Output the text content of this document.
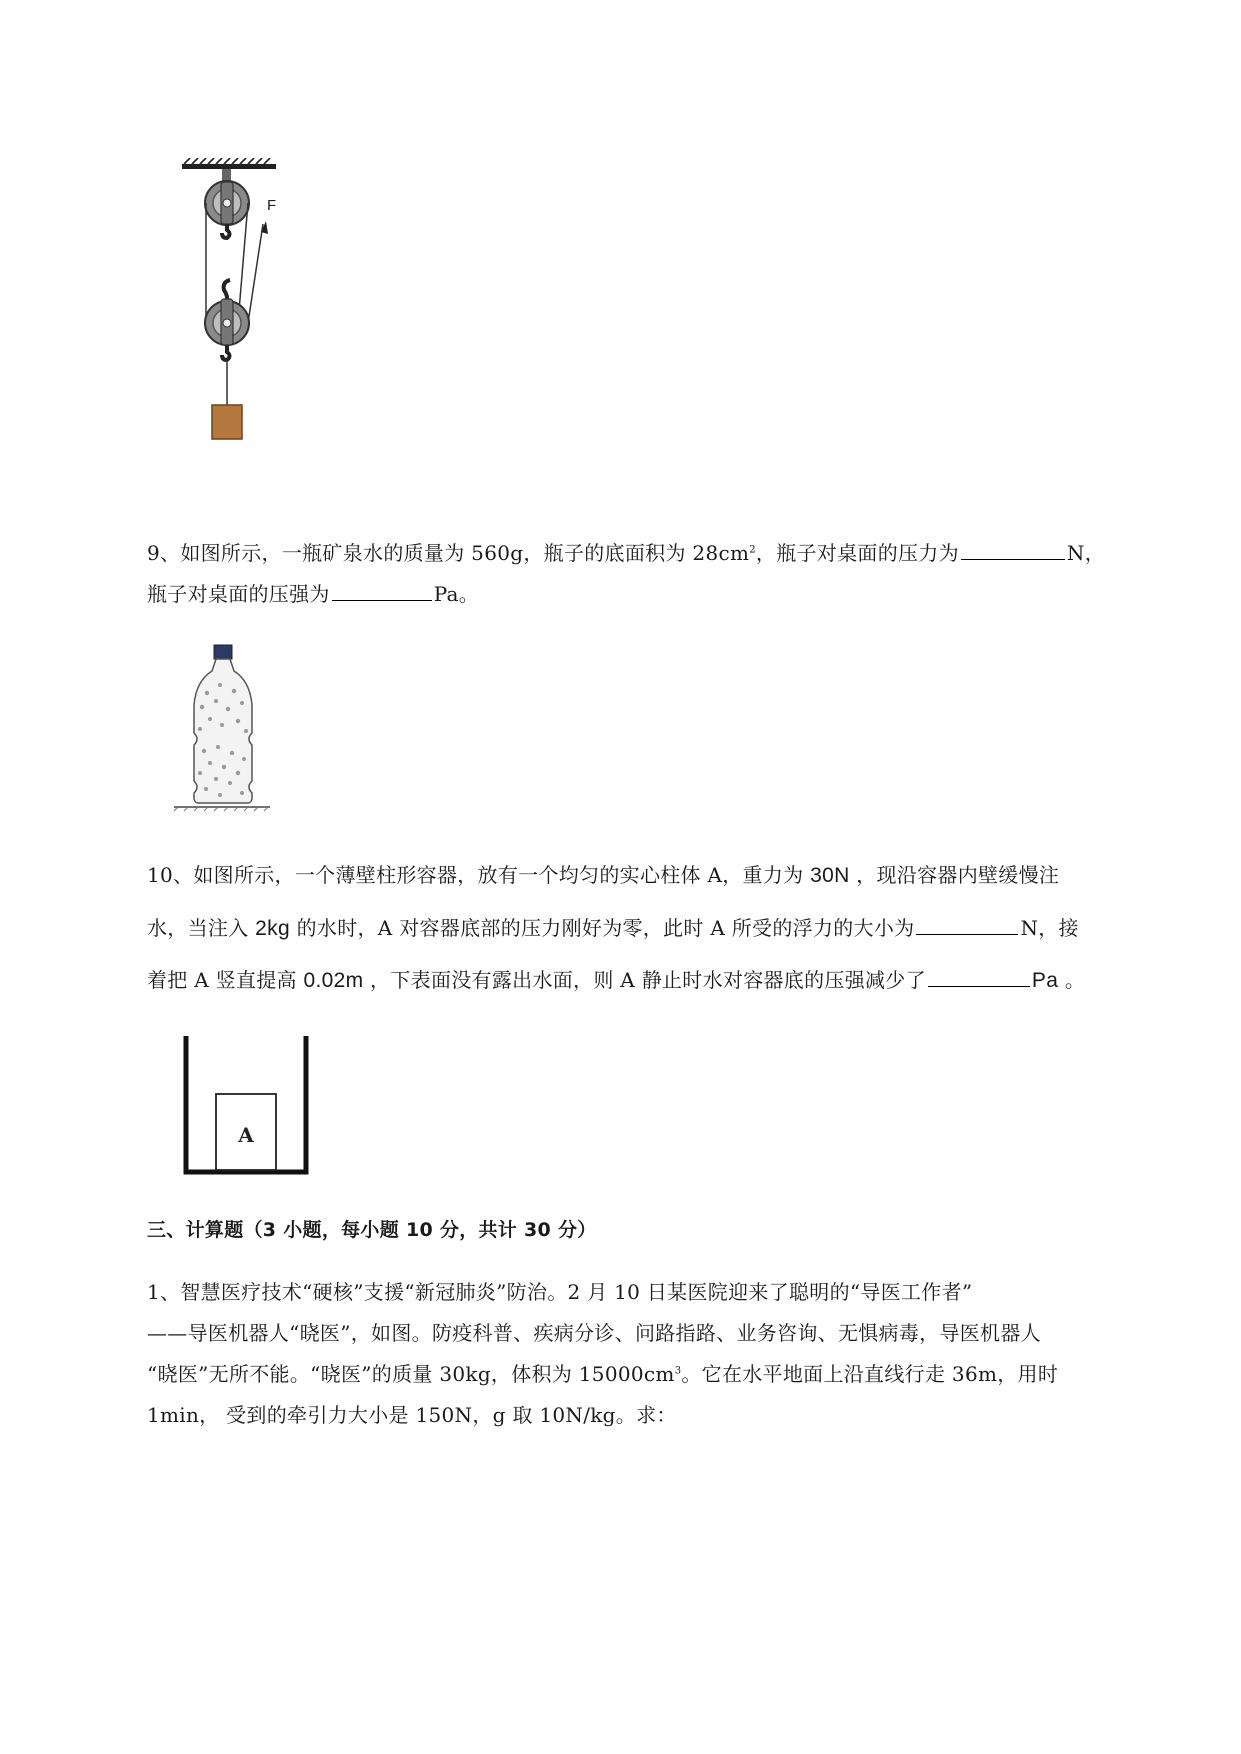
F
9、如图所示，一瓶矿泉水的质量为 560g，瓶子的底面积为 $28cm^2$，瓶子对桌面的压力为	N，
瓶子对桌面的压强为	Pa。
10、如图所示，一个薄壁柱形容器，放有一个均匀的实心柱体 A，重力为 30N ，现沿容器内壁缓慢注
水，当注入 2kg 的水时，A 对容器底部的压力刚好为零，此时 A 所受的浮力的大小为	N，接
着把 A 竖直提高 0.02m ，下表面没有露出水面，则 A 静止时水对容器底的压强减少了	Pa 。
A
三、计算题（3 小题，每小题 10 分，共计 30 分）
1、智慧医疗技术“硬核”支援“新冠肺炎”防治。2 月 10 日某医院迎来了聪明的“导医工作者”
——导医机器人“晓医”，如图。防疫科普、疾病分诊、问路指路、业务咨询、无惧病毒，导医机器人
“晓医”无所不能。“晓医”的质量 30kg，体积为 $15000cm^3$。它在水平地面上沿直线行走 36m，用时
1min， 受到的牵引力大小是 150N，g 取 10N/kg。求：
